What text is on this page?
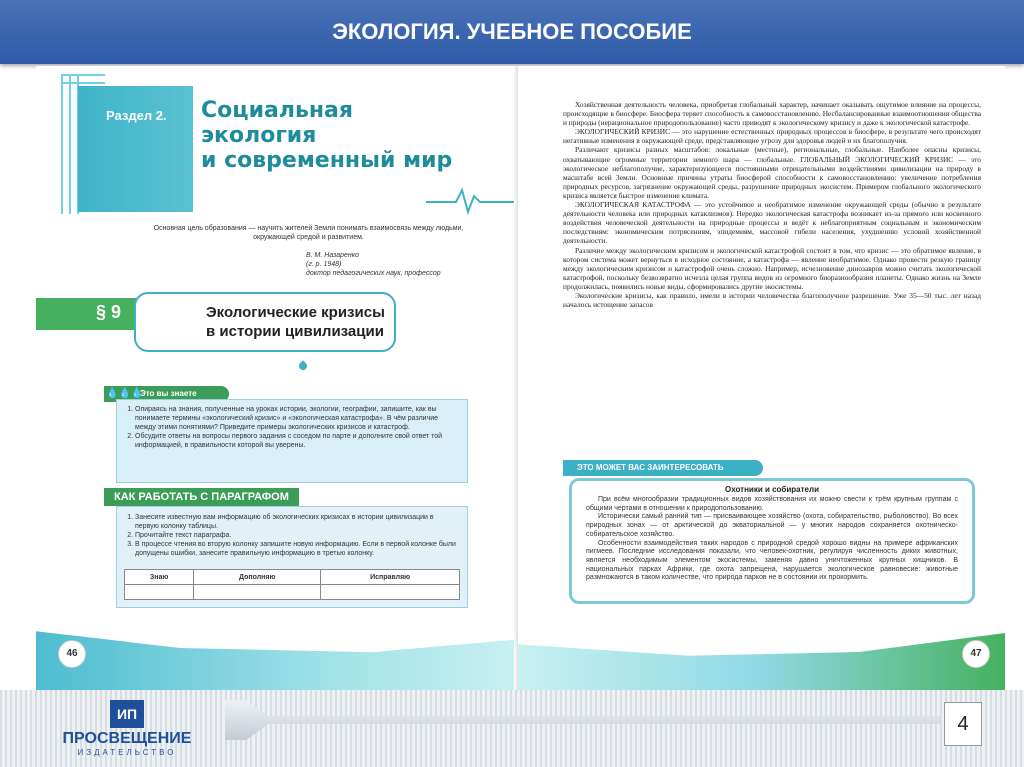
ЭКОЛОГИЯ. УЧЕБНОЕ ПОСОБИЕ
Раздел 2. Социальная
экология
и современный мир
Основная цель образования — научить жителей Земли понимать взаимосвязь между людьми, окружающей средой и развитием.
В. М. Назаренко
(г. р. 1948)
доктор педагогических наук, профессор
§ 9	Экологические кризисы
в истории цивилизации
Это вы знаете
💧💧💧
1. Опираясь на знания, полученные на уроках истории, экологии, географии, запишите, как вы понимаете термины «экологический кризис» и «экологическая катастрофа». В чём различие между этими понятиями? Приведите примеры экологических кризисов и катастроф.
2. Обсудите ответы на вопросы первого задания с соседом по парте и дополните свой ответ той информацией, в правильности которой вы уверены.
КАК РАБОТАТЬ С ПАРАГРАФОМ
1. Занесите известную вам информацию об экологических кризисах в истории цивилизации в первую колонку таблицы.
2. Прочитайте текст параграфа.
3. В процессе чтения во вторую колонку запишите новую информацию. Если в первой колонке были допущены ошибки, занесите правильную информацию в третью колонку.
Знаю	Дополняю	Исправляю

46

Хозяйственная деятельность человека, приобретая глобальный характер, начинает оказывать ощутимое влияние на процессы, происходящие в биосфере. Биосфера теряет способность к самовосстановлению. Несбалансированные взаимоотношения общества и природы (нерациональное природопользование) часто приводят к экологическому кризису и даже к экологической катастрофе.

ЭКОЛОГИЧЕСКИЙ КРИЗИС — это нарушение естественных природных процессов в биосфере, в результате чего происходят негативные изменения в окружающей среде, представляющие угрозу для здоровья людей и их благополучия.

Различают кризисы разных масштабов: локальные (местные), региональные, глобальные. Наиболее опасны кризисы, охватывающие огромные территории земного шара — глобальные. ГЛОБАЛЬНЫЙ ЭКОЛОГИЧЕСКИЙ КРИЗИС — это экологическое неблагополучие, характеризующееся постоянными отрицательными воздействиями цивилизации на природу в масштабе всей Земли. Основные причины утраты биосферой способности к самовосстановлению: увеличение потребления природных ресурсов, загрязнение окружающей среды, разрушение природных экосистем. Примером глобального экологического кризиса является быстрое изменение климата.

ЭКОЛОГИЧЕСКАЯ КАТАСТРОФА — это устойчивое и необратимое изменение окружающей среды (обычно в результате деятельности человека или природных катаклизмов). Нередко экологическая катастрофа возникает из-за прямого или косвенного воздействия человеческой деятельности на природные процессы и ведёт к неблагоприятным социальным и экономическим последствиям: экономическим потрясениям, эпидемиям, массовой гибели населения, ухудшению условий хозяйственной деятельности.

Различие между экологическим кризисом и экологической катастрофой состоит в том, что кризис — это обратимое явление, в котором система может вернуться в исходное состояние, а катастрофа — явление необратимое. Однако провести резкую границу между экологическим кризисом и катастрофой очень сложно. Например, исчезновение динозавров можно считать экологической катастрофой, поскольку безвозвратно исчезла целая группа видов из огромного биоразнообразия планеты. Однако жизнь на Земле продолжилась, появились новые виды, сформировались другие экосистемы.

Экологические кризисы, как правило, имели в истории человечества благополучное разрешение. Уже 35—50 тыс. лет назад началось истощение запасов

Охотники и собиратели

При всём многообразии традиционных видов хозяйствования их можно свести к трём крупным группам с общими чертами в отношении к природопользованию.

Исторически самый ранний тип — присваивающее хозяйство (охота, собирательство, рыболовство). Во всех природных зонах — от арктической до экваториальной — у многих народов сохраняется охотническо-собирательское хозяйство.

Особенности взаимодействия таких народов с природной средой хорошо видны на примере африканских пигмеев. Последние исследования показали, что человек-охотник, регулируя численность диких животных, является необходимым элементом экосистемы, заменяя давно уничтоженных крупных хищников. В национальных парках Африки, где охота запрещена, нарушается экологическое равновесие: животные размножаются в таком количестве, что природа парков не в состоянии их прокормить.

ЭТО МОЖЕТ ВАС ЗАИНТЕРЕСОВАТЬ
47
ИП
ПРОСВЕЩЕНИЕ
ИЗДАТЕЛЬСТВО
4
